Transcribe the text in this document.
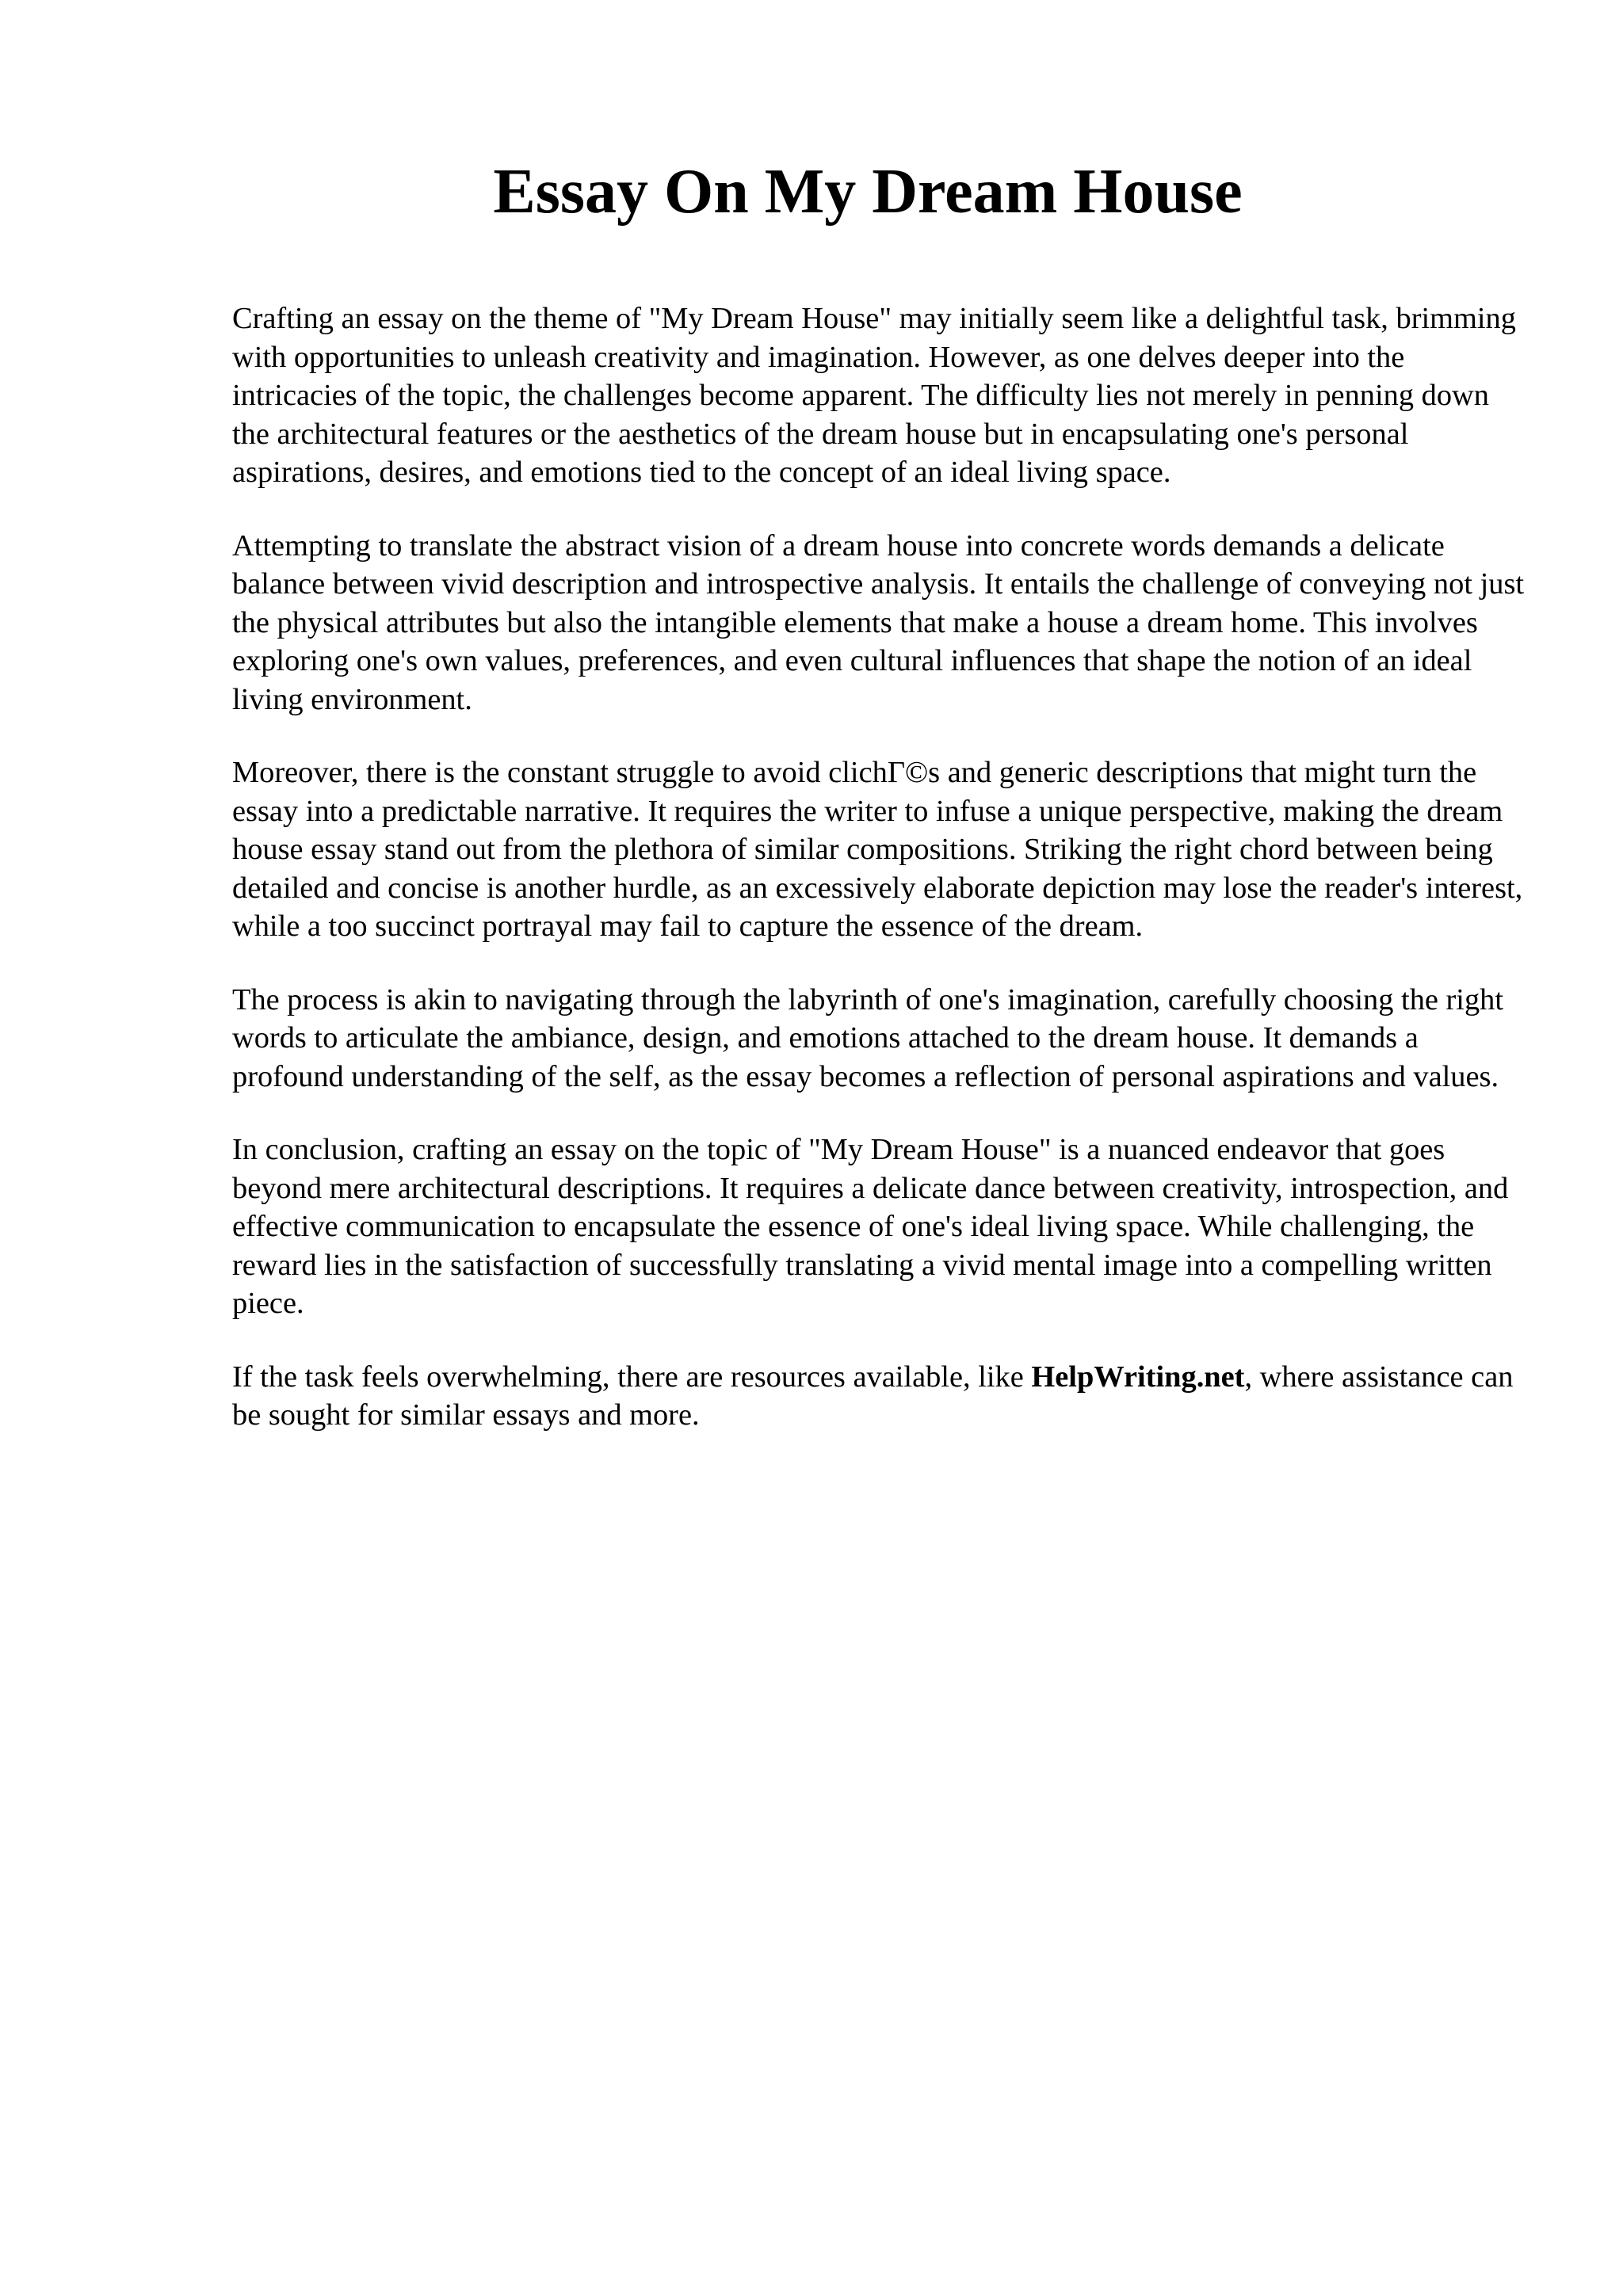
Essay On My Dream House

Crafting an essay on the theme of "My Dream House" may initially seem like a delightful task, brimming with opportunities to unleash creativity and imagination. However, as one delves deeper into the intricacies of the topic, the challenges become apparent. The difficulty lies not merely in penning down the architectural features or the aesthetics of the dream house but in encapsulating one's personal aspirations, desires, and emotions tied to the concept of an ideal living space.

Attempting to translate the abstract vision of a dream house into concrete words demands a delicate balance between vivid description and introspective analysis. It entails the challenge of conveying not just the physical attributes but also the intangible elements that make a house a dream home. This involves exploring one's own values, preferences, and even cultural influences that shape the notion of an ideal living environment.

Moreover, there is the constant struggle to avoid clichΓ©s and generic descriptions that might turn the essay into a predictable narrative. It requires the writer to infuse a unique perspective, making the dream house essay stand out from the plethora of similar compositions. Striking the right chord between being detailed and concise is another hurdle, as an excessively elaborate depiction may lose the reader's interest, while a too succinct portrayal may fail to capture the essence of the dream.

The process is akin to navigating through the labyrinth of one's imagination, carefully choosing the right words to articulate the ambiance, design, and emotions attached to the dream house. It demands a profound understanding of the self, as the essay becomes a reflection of personal aspirations and values.

In conclusion, crafting an essay on the topic of "My Dream House" is a nuanced endeavor that goes beyond mere architectural descriptions. It requires a delicate dance between creativity, introspection, and effective communication to encapsulate the essence of one's ideal living space. While challenging, the reward lies in the satisfaction of successfully translating a vivid mental image into a compelling written piece.

If the task feels overwhelming, there are resources available, like HelpWriting.net, where assistance can be sought for similar essays and more.
